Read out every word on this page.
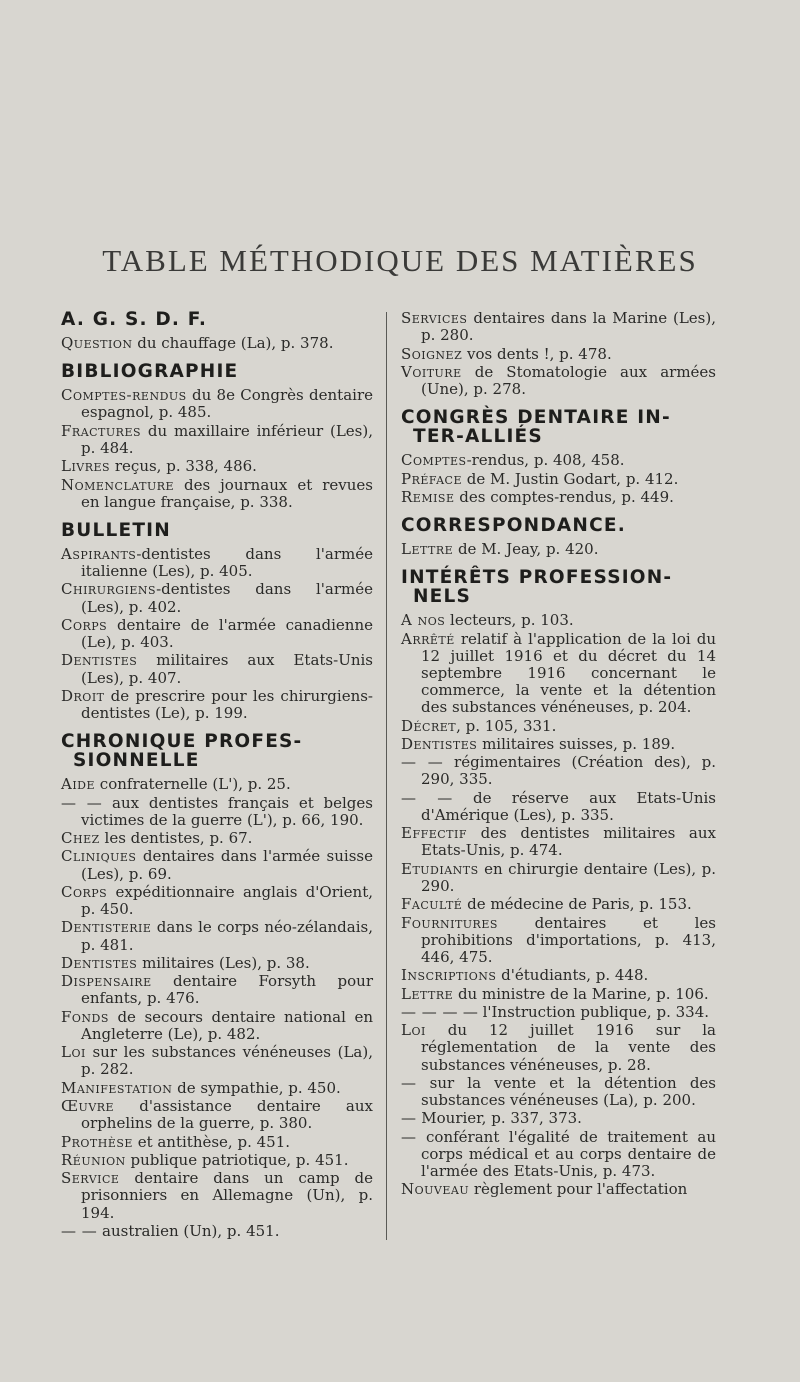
TABLE MÉTHODIQUE DES MATIÈRES
A. G. S. D. F.
Question du chauffage (La), p. 378.
BIBLIOGRAPHIE
Comptes-rendus du 8e Congrès dentaire espagnol, p. 485.
Fractures du maxillaire inférieur (Les), p. 484.
Livres reçus, p. 338, 486.
Nomenclature des journaux et revues en langue française, p. 338.
BULLETIN
Aspirants-dentistes dans l'armée italienne (Les), p. 405.
Chirurgiens-dentistes dans l'armée (Les), p. 402.
Corps dentaire de l'armée canadienne (Le), p. 403.
Dentistes militaires aux Etats-Unis (Les), p. 407.
Droit de prescrire pour les chirurgiens-dentistes (Le), p. 199.
CHRONIQUE PROFES-
SIONNELLE
Aide confraternelle (L'), p. 25.
— — aux dentistes français et belges victimes de la guerre (L'), p. 66, 190.
Chez les dentistes, p. 67.
Cliniques dentaires dans l'armée suisse (Les), p. 69.
Corps expéditionnaire anglais d'Orient, p. 450.
Dentisterie dans le corps néo-zélandais, p. 481.
Dentistes militaires (Les), p. 38.
Dispensaire dentaire Forsyth pour enfants, p. 476.
Fonds de secours dentaire national en Angleterre (Le), p. 482.
Loi sur les substances vénéneuses (La), p. 282.
Manifestation de sympathie, p. 450.
Œuvre d'assistance dentaire aux orphelins de la guerre, p. 380.
Prothèse et antithèse, p. 451.
Réunion publique patriotique, p. 451.
Service dentaire dans un camp de prisonniers en Allemagne (Un), p. 194.
— — australien (Un), p. 451.
Services dentaires dans la Marine (Les), p. 280.
Soignez vos dents !, p. 478.
Voiture de Stomatologie aux armées (Une), p. 278.
CONGRÈS DENTAIRE IN-
TER-ALLIÉS
Comptes-rendus, p. 408, 458.
Préface de M. Justin Godart, p. 412.
Remise des comptes-rendus, p. 449.
CORRESPONDANCE.
Lettre de M. Jeay, p. 420.
INTÉRÊTS PROFESSION-
NELS
A nos lecteurs, p. 103.
Arrêté relatif à l'application de la loi du 12 juillet 1916 et du décret du 14 septembre 1916 concernant le commerce, la vente et la détention des substances vénéneuses, p. 204.
Décret, p. 105, 331.
Dentistes militaires suisses, p. 189.
— — régimentaires (Création des), p. 290, 335.
— — de réserve aux Etats-Unis d'Amérique (Les), p. 335.
Effectif des dentistes militaires aux Etats-Unis, p. 474.
Etudiants en chirurgie dentaire (Les), p. 290.
Faculté de médecine de Paris, p. 153.
Fournitures dentaires et les prohibitions d'importations, p. 413, 446, 475.
Inscriptions d'étudiants, p. 448.
Lettre du ministre de la Marine, p. 106.
— — — — l'Instruction publique, p. 334.
Loi du 12 juillet 1916 sur la réglementation de la vente des substances vénéneuses, p. 28.
— sur la vente et la détention des substances vénéneuses (La), p. 200.
— Mourier, p. 337, 373.
— conférant l'égalité de traitement au corps médical et au corps dentaire de l'armée des Etats-Unis, p. 473.
Nouveau règlement pour l'affectation
